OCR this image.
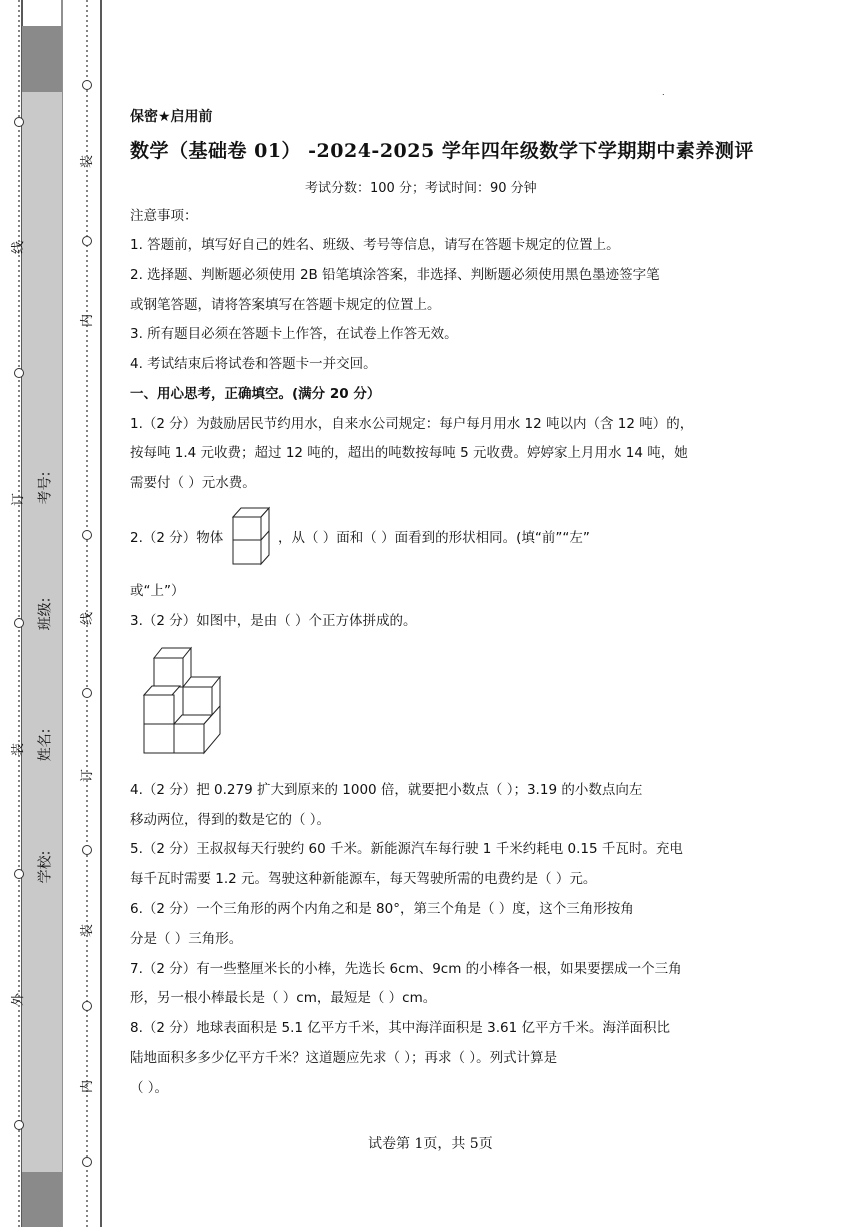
线
订
装
外
装
内
线
订
装
内
考号:
班级:
姓名:
学校:
.
保密★启用前
数学（基础卷 01） -2024-2025 学年四年级数学下学期期中素养测评
考试分数：100 分；考试时间：90 分钟
注意事项：
1. 答题前，填写好自己的姓名、班级、考号等信息，请写在答题卡规定的位置上。
2. 选择题、判断题必须使用 2B 铅笔填涂答案，非选择、判断题必须使用黑色墨迹签字笔
或钢笔答题，请将答案填写在答题卡规定的位置上。
3. 所有题目必须在答题卡上作答，在试卷上作答无效。
4. 考试结束后将试卷和答题卡一并交回。
一、用心思考，正确填空。(满分 20 分）
1.（2 分）为鼓励居民节约用水，自来水公司规定：每户每月用水 12 吨以内（含 12 吨）的，
按每吨 1.4 元收费；超过 12 吨的，超出的吨数按每吨 5 元收费。婷婷家上月用水 14 吨，她
需要付（ ）元水费。
2.（2 分）物体	，从（ ）面和（ ）面看到的形状相同。(填“前”“左”
或“上”）
3.（2 分）如图中，是由（ ）个正方体拼成的。
4.（2 分）把 0.279 扩大到原来的 1000 倍，就要把小数点（ ）；3.19 的小数点向左
移动两位，得到的数是它的（ ）。
5.（2 分）王叔叔每天行驶约 60 千米。新能源汽车每行驶 1 千米约耗电 0.15 千瓦时。充电
每千瓦时需要 1.2 元。驾驶这种新能源车，每天驾驶所需的电费约是（ ）元。
6.（2 分）一个三角形的两个内角之和是 80°，第三个角是（ ）度，这个三角形按角
分是（ ）三角形。
7.（2 分）有一些整厘米长的小棒，先选长 6cm、9cm 的小棒各一根，如果要摆成一个三角
形，另一根小棒最长是（ ）cm，最短是（ ）cm。
8.（2 分）地球表面积是 5.1 亿平方千米，其中海洋面积是 3.61 亿平方千米。海洋面积比
陆地面积多多少亿平方千米？这道题应先求（ ）；再求（ ）。列式计算是
（ ）。
试卷第 1页，共 5页
